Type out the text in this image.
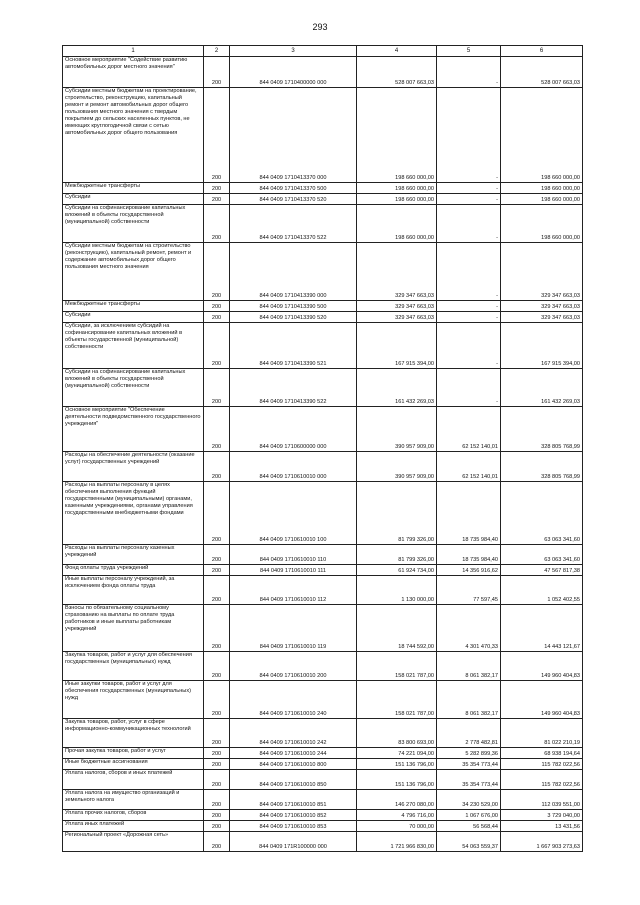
293
1	2	3	4	5	6
Основное мероприятие "Содействие развитию автомобильных дорог местного значения"	200	844 0409 1710400000 000	528 007 663,03	-	528 007 663,03
Субсидии местным бюджетам на проектирование, строительство, реконструкцию, капитальный ремонт и ремонт автомобильных дорог общего пользования местного значения с твердым покрытием до сельских населенных пунктов, не имеющих круглогодичной связи с сетью автомобильных дорог общего пользования	200	844 0409 1710413370 000	198 660 000,00	-	198 660 000,00
Межбюджетные трансферты	200	844 0409 1710413370 500	198 660 000,00	-	198 660 000,00
Субсидии	200	844 0409 1710413370 520	198 660 000,00	-	198 660 000,00
Субсидии на софинансирование капитальных вложений в объекты государственной (муниципальной) собственности	200	844 0409 1710413370 522	198 660 000,00	-	198 660 000,00
Субсидии местным бюджетам на строительство (реконструкцию), капитальный ремонт, ремонт и содержание автомобильных дорог общего пользования местного значения	200	844 0409 1710413390 000	329 347 663,03	-	329 347 663,03
Межбюджетные трансферты	200	844 0409 1710413390 500	329 347 663,03	-	329 347 663,03
Субсидии	200	844 0409 1710413390 520	329 347 663,03	-	329 347 663,03
Субсидии, за исключением субсидий на софинансирование капитальных вложений в объекты государственной (муниципальной) собственности	200	844 0409 1710413390 521	167 915 394,00	-	167 915 394,00
Субсидии на софинансирование капитальных вложений в объекты государственной (муниципальной) собственности	200	844 0409 1710413390 522	161 432 269,03	-	161 432 269,03
Основное мероприятие "Обеспечение деятельности подведомственного государственного учреждения"	200	844 0409 1710600000 000	390 957 909,00	62 152 140,01	328 805 768,99
Расходы на обеспечение деятельности (оказание услуг) государственных учреждений	200	844 0409 1710610010 000	390 957 909,00	62 152 140,01	328 805 768,99
Расходы на выплаты персоналу в целях обеспечения выполнения функций государственными (муниципальными) органами, казенными учреждениями, органами управления государственными внебюджетными фондами	200	844 0409 1710610010 100	81 799 326,00	18 735 984,40	63 063 341,60
Расходы на выплаты персоналу казенных учреждений	200	844 0409 1710610010 110	81 799 326,00	18 735 984,40	63 063 341,60
Фонд оплаты труда учреждений	200	844 0409 1710610010 111	61 924 734,00	14 356 916,62	47 567 817,38
Иные выплаты персоналу учреждений, за исключением фонда оплаты труда	200	844 0409 1710610010 112	1 130 000,00	77 597,45	1 052 402,55
Взносы по обязательному социальному страхованию на выплаты по оплате труда работников и иные выплаты работникам учреждений	200	844 0409 1710610010 119	18 744 592,00	4 301 470,33	14 443 121,67
Закупка товаров, работ и услуг для обеспечения государственных (муниципальных) нужд	200	844 0409 1710610010 200	158 021 787,00	8 061 382,17	149 960 404,83
Иные закупки товаров, работ и услуг для обеспечения государственных (муниципальных) нужд	200	844 0409 1710610010 240	158 021 787,00	8 061 382,17	149 960 404,83
Закупка товаров, работ, услуг в сфере информационно-коммуникационных технологий	200	844 0409 1710610010 242	83 800 693,00	2 778 482,81	81 022 210,19
Прочая закупка товаров, работ и услуг	200	844 0409 1710610010 244	74 221 094,00	5 282 899,36	68 938 194,64
Иные бюджетные ассигнования	200	844 0409 1710610010 800	151 136 796,00	35 354 773,44	115 782 022,56
Уплата налогов, сборов и иных платежей	200	844 0409 1710610010 850	151 136 796,00	35 354 773,44	115 782 022,56
Уплата налога на имущество организаций и земельного налога	200	844 0409 1710610010 851	146 270 080,00	34 230 529,00	112 039 551,00
Уплата прочих налогов, сборов	200	844 0409 1710610010 852	4 796 716,00	1 067 676,00	3 729 040,00
Уплата иных платежей	200	844 0409 1710610010 853	70 000,00	56 568,44	13 431,56
Региональный проект «Дорожная сеть»	200	844 0409 171R100000 000	1 721 966 830,00	54 063 559,37	1 667 903 273,63
